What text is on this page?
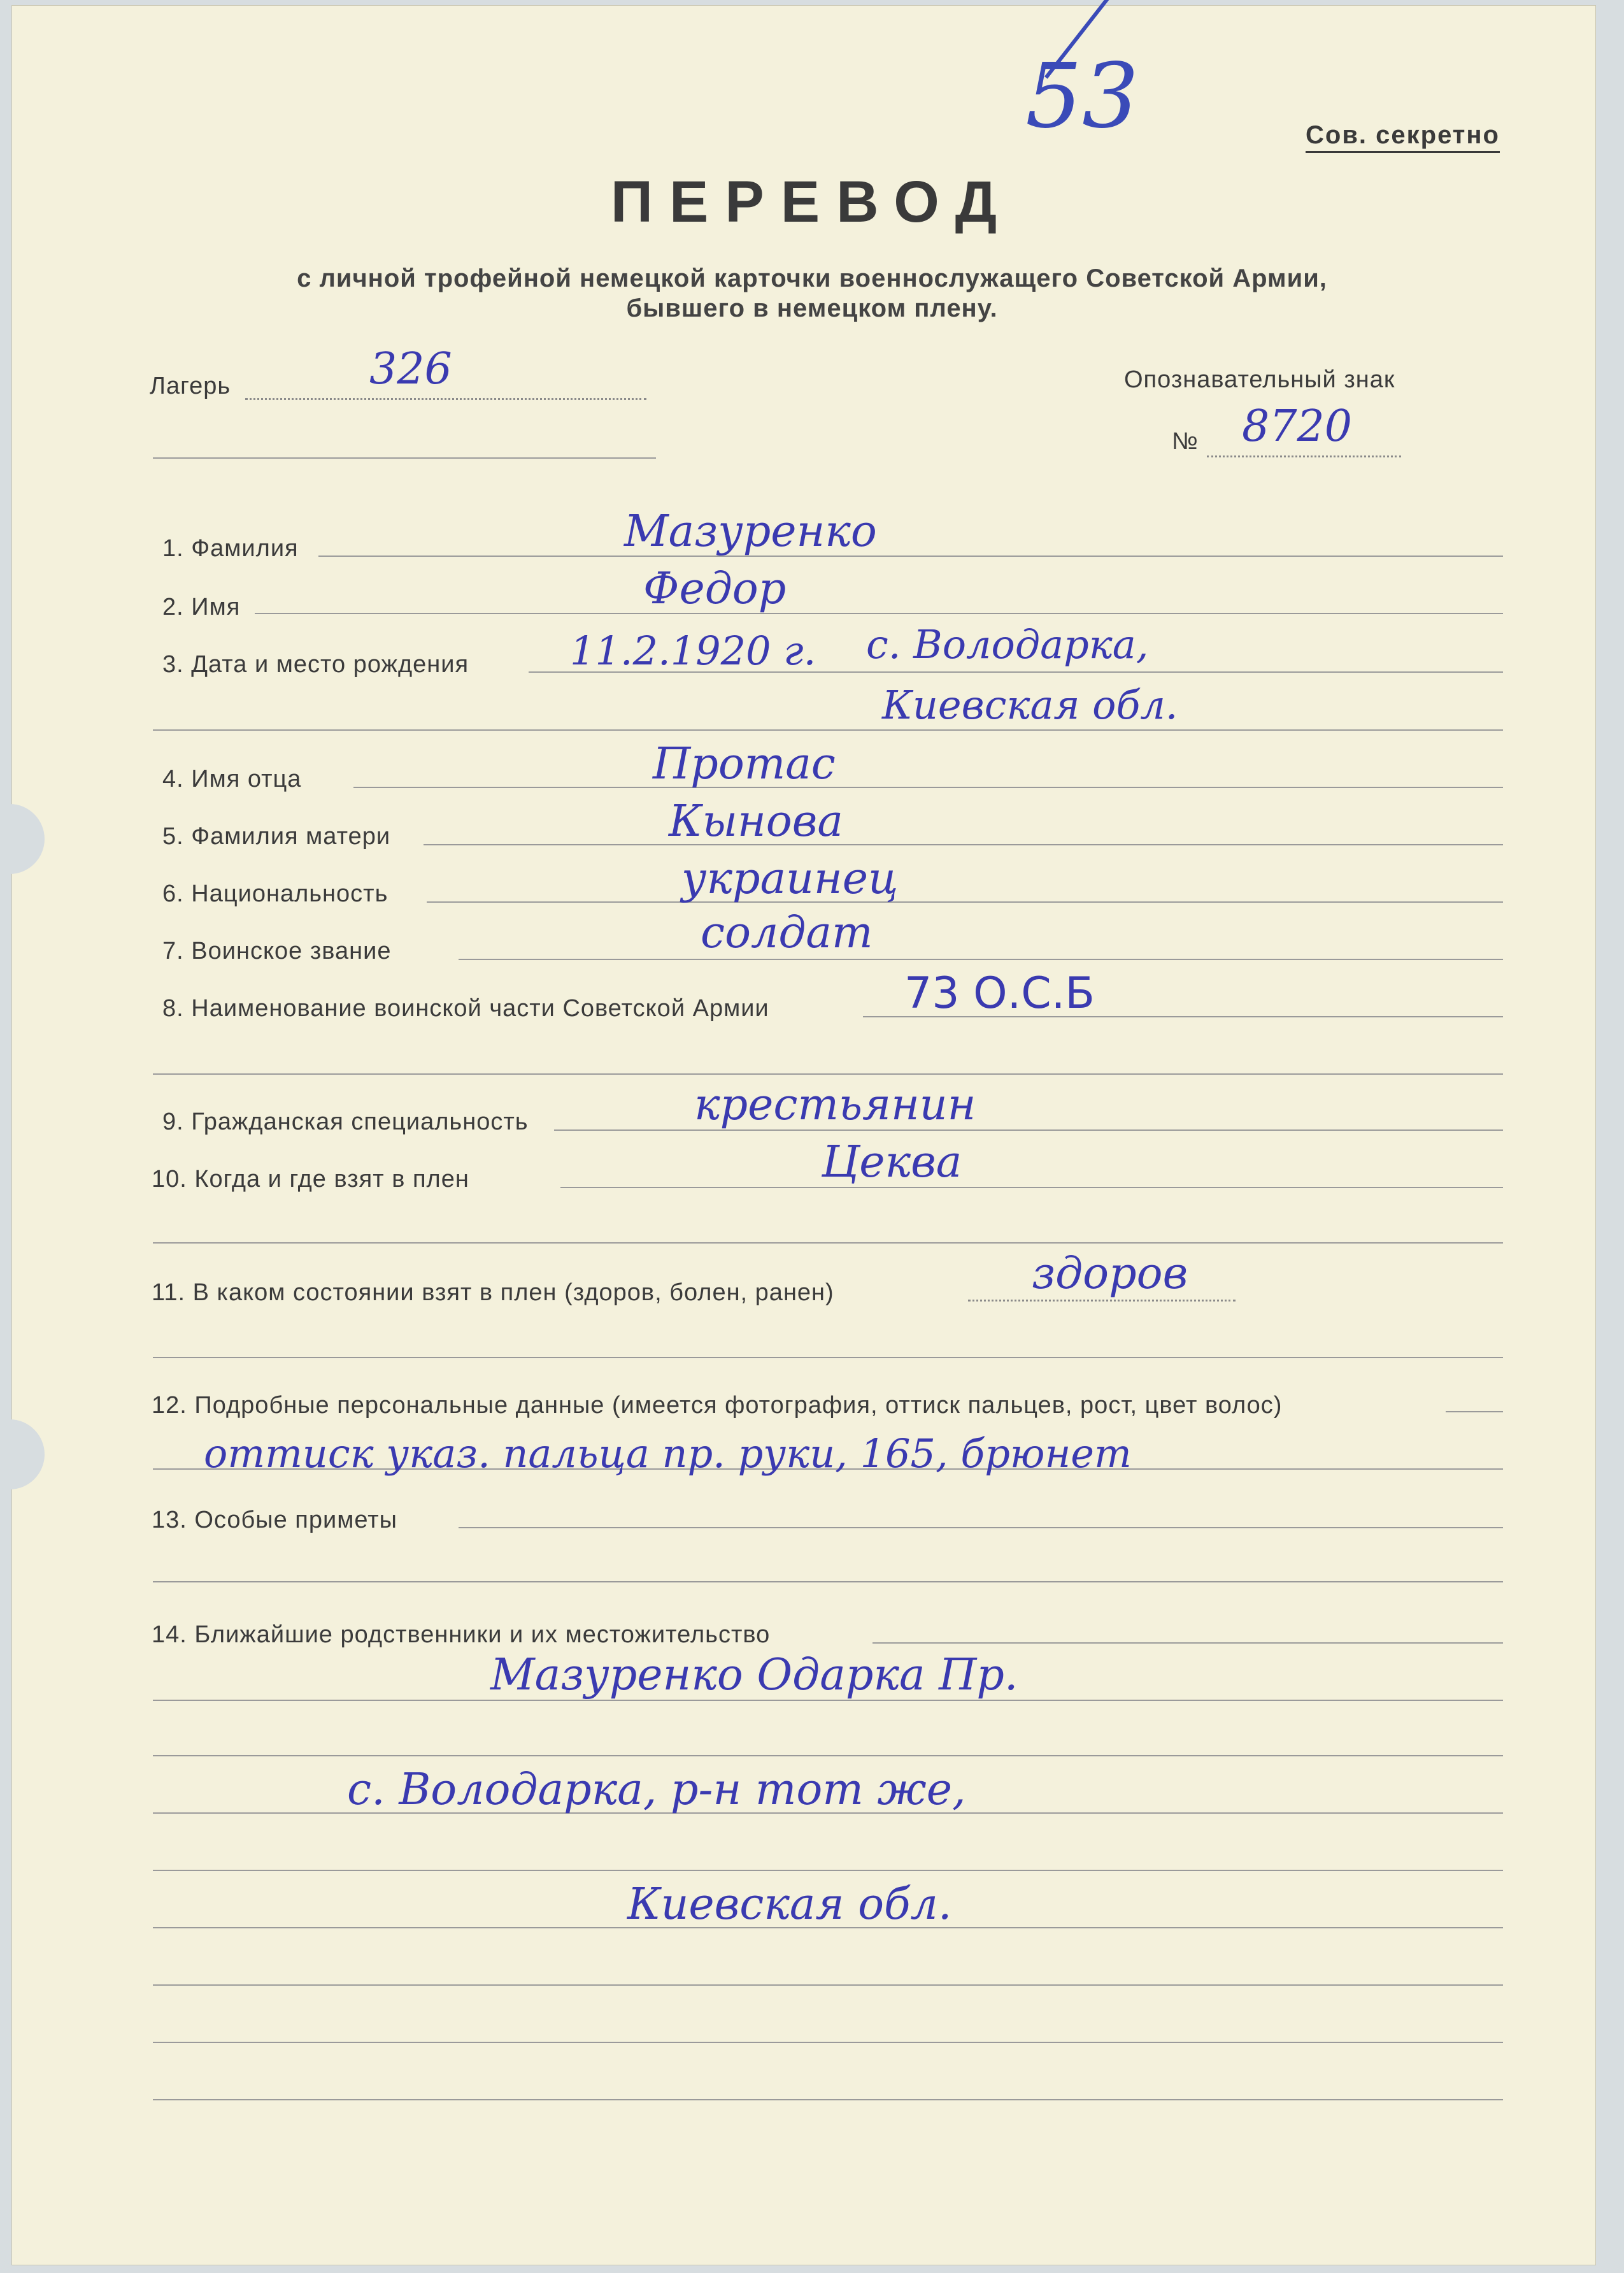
53	Сов. секретно
ПЕРЕВОД
с личной трофейной немецкой карточки военнослужащего Советской Армии,
бывшего в немецком плену.
Лагерь	326	Опознавательный знак
№ 8720
1. Фамилия	Мазуренко
2. Имя	Федор
3. Дата и место рождения	11.2.1920 г. с. Володарка,
Киевская обл.
4. Имя отца	Протас
5. Фамилия матери	Кынова
6. Национальность	украинец
7. Воинское звание	солдат
8. Наименование воинской части Советской Армии	73 О.С.Б
9. Гражданская специальность	крестьянин
10. Когда и где взят в плен	Цеква
11. В каком состоянии взят в плен (здоров, болен, ранен)	здоров
12. Подробные персональные данные (имеется фотография, оттиск пальцев, рост, цвет волос)
оттиск указ. пальца пр. руки, 165, брюнет
13. Особые приметы
14. Ближайшие родственники и их местожительство
Мазуренко Одарка Пр.
с. Володарка, р-н тот же,
Киевская обл.
